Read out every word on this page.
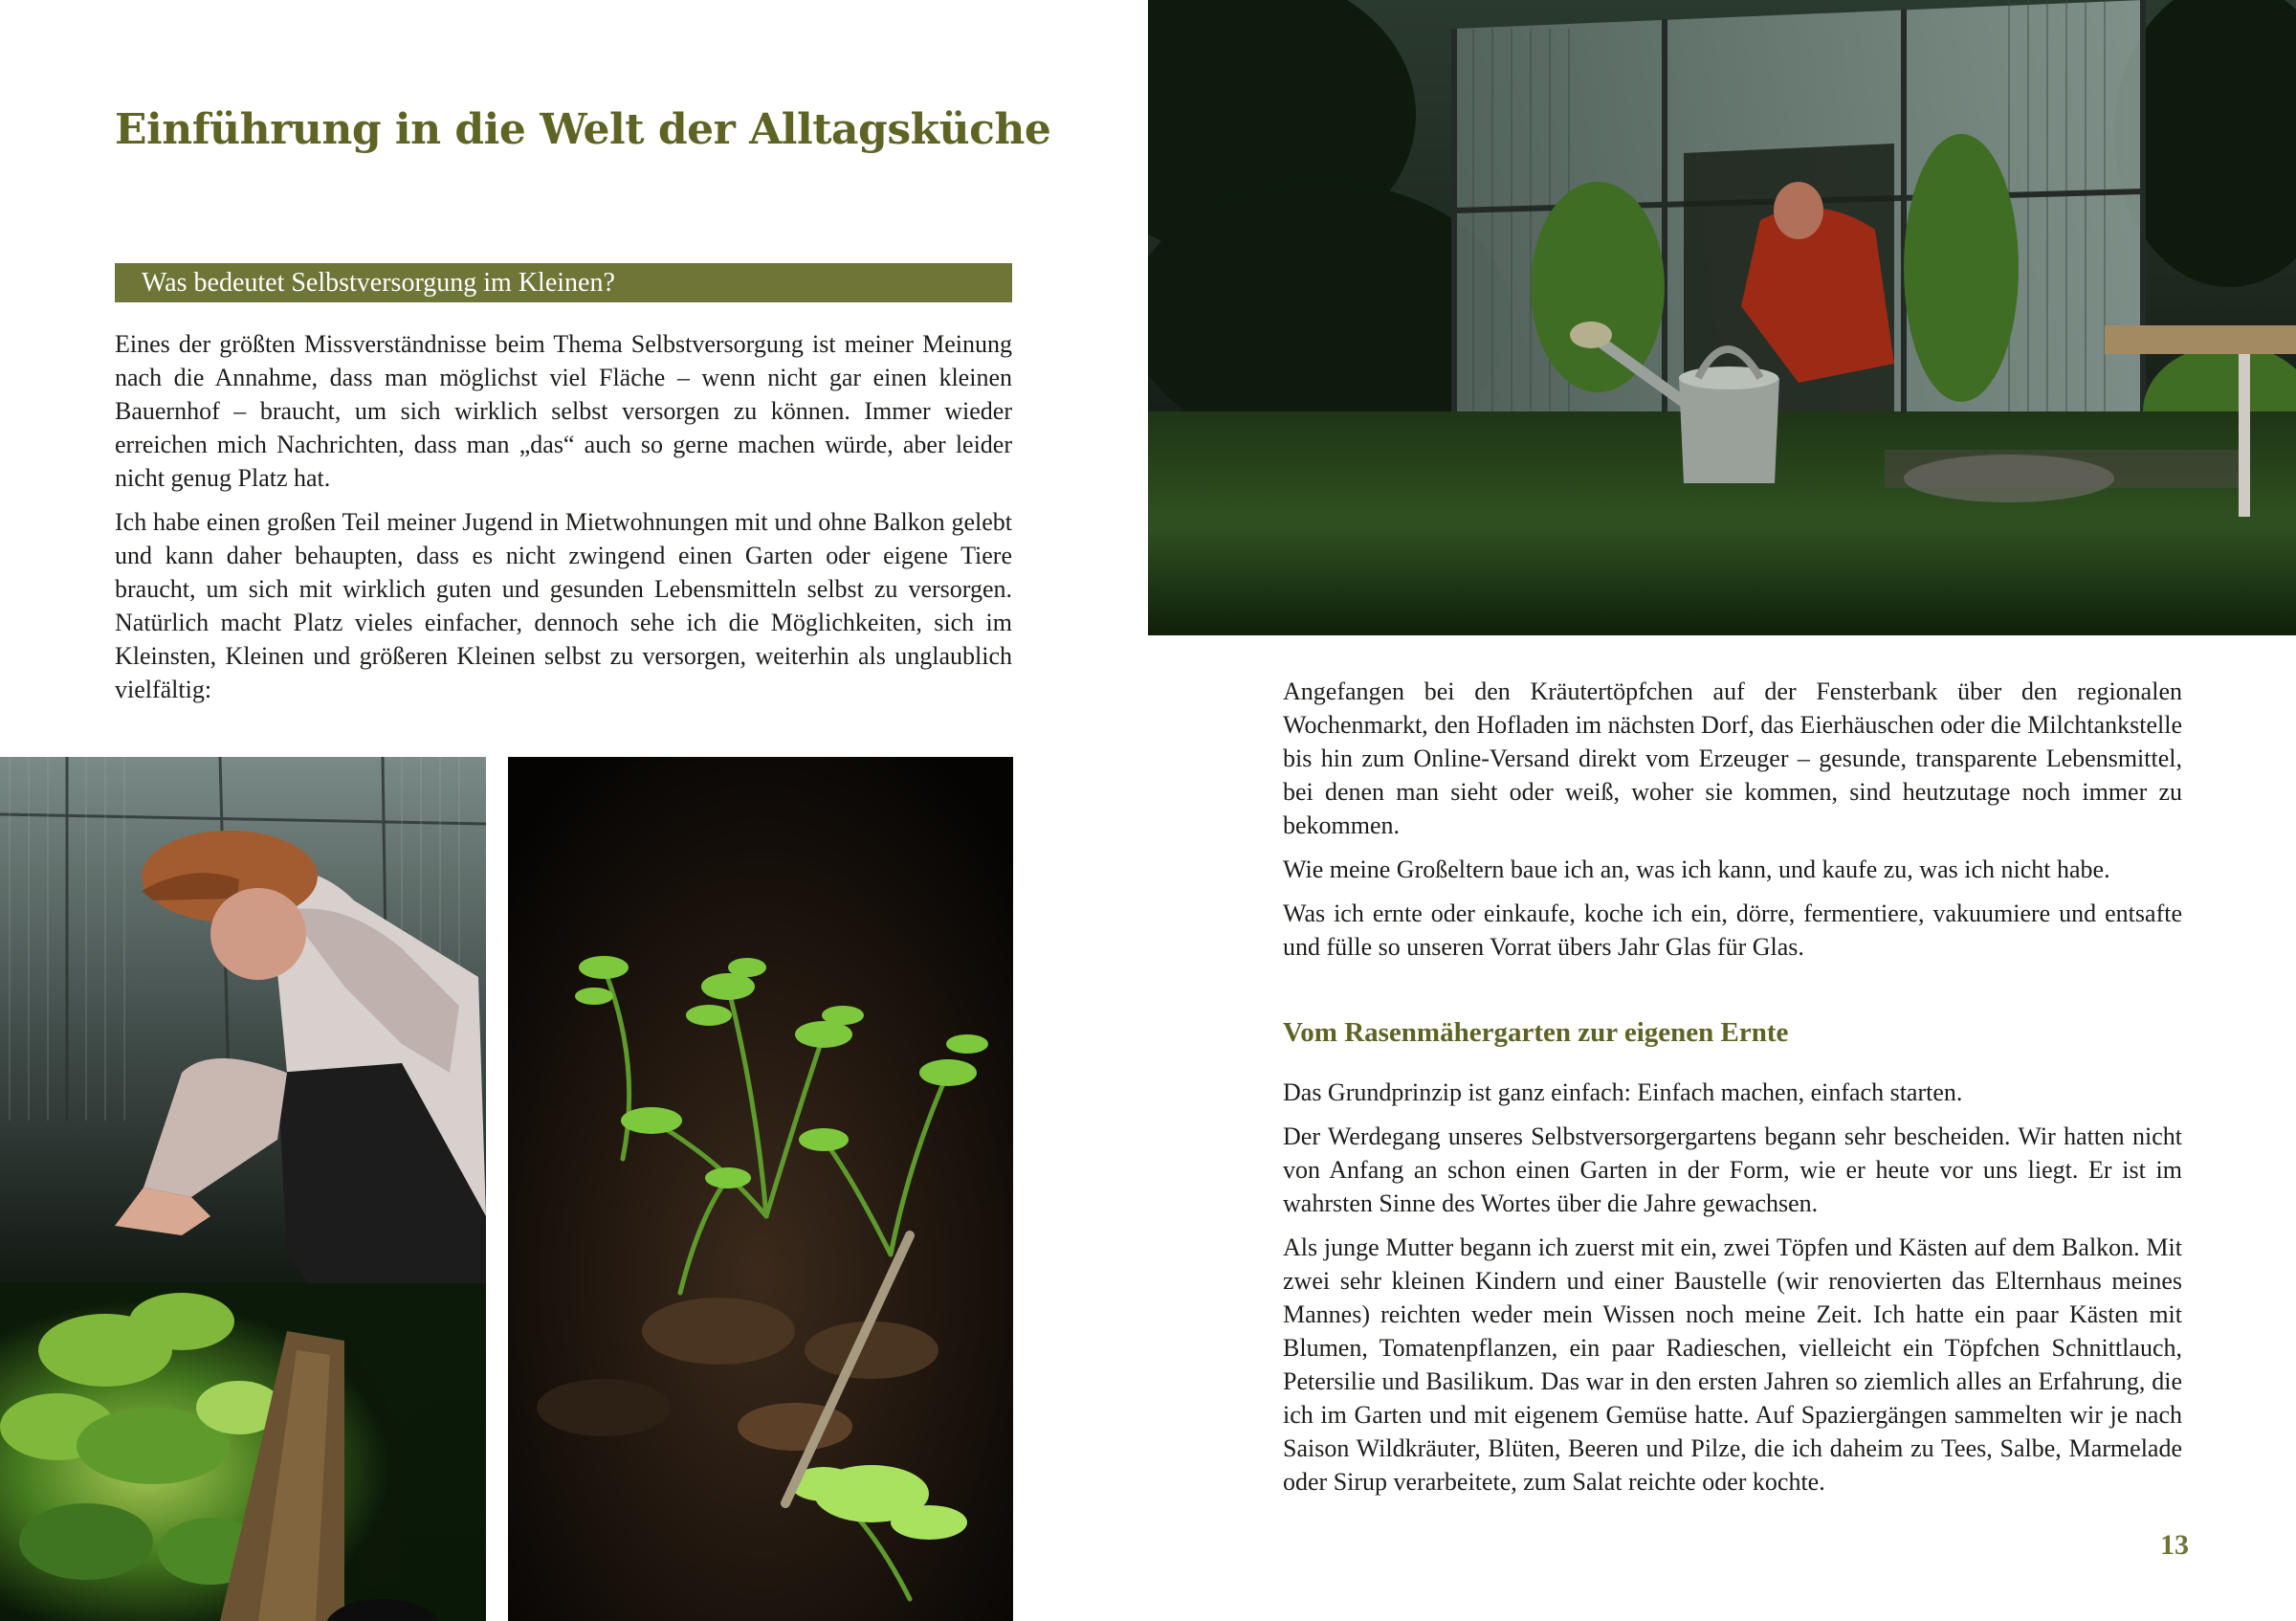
Einführung in die Welt der Alltagsküche
Was bedeutet Selbstversorgung im Kleinen?

Eines der größten Missverständnisse beim Thema Selbstversorgung ist meiner Meinung nach die Annahme, dass man möglichst viel Fläche – wenn nicht gar einen kleinen Bauernhof – braucht, um sich wirklich selbst versorgen zu können. Immer wieder erreichen mich Nachrichten, dass man „das“ auch so gerne machen würde, aber leider nicht genug Platz hat.

Ich habe einen großen Teil meiner Jugend in Mietwohnungen mit und ohne Balkon gelebt und kann daher behaupten, dass es nicht zwingend einen Garten oder eigene Tiere braucht, um sich mit wirklich guten und gesunden Lebensmitteln selbst zu versorgen. Natürlich macht Platz vieles einfacher, dennoch sehe ich die Möglichkeiten, sich im Kleinsten, Kleinen und größeren Kleinen selbst zu versorgen, weiterhin als unglaublich vielfältig:	Angefangen bei den Kräutertöpfchen auf der Fensterbank über den regionalen Wochenmarkt, den Hofladen im nächsten Dorf, das Eierhäuschen oder die Milchtankstelle bis hin zum Online-Versand direkt vom Erzeuger – gesunde, transparente Lebensmittel, bei denen man sieht oder weiß, woher sie kommen, sind heutzutage noch immer zu bekommen.

Wie meine Großeltern baue ich an, was ich kann, und kaufe zu, was ich nicht habe.

Was ich ernte oder einkaufe, koche ich ein, dörre, fermentiere, vakuumiere und entsafte und fülle so unseren Vorrat übers Jahr Glas für Glas.

Vom Rasenmähergarten zur eigenen Ernte

Das Grundprinzip ist ganz einfach: Einfach machen, einfach starten.

Der Werdegang unseres Selbstversorgergartens begann sehr bescheiden. Wir hatten nicht von Anfang an schon einen Garten in der Form, wie er heute vor uns liegt. Er ist im wahrsten Sinne des Wortes über die Jahre gewachsen.

Als junge Mutter begann ich zuerst mit ein, zwei Töpfen und Kästen auf dem Balkon. Mit zwei sehr kleinen Kindern und einer Baustelle (wir renovierten das Elternhaus meines Mannes) reichten weder mein Wissen noch meine Zeit. Ich hatte ein paar Kästen mit Blumen, Tomatenpflanzen, ein paar Radieschen, vielleicht ein Töpfchen Schnittlauch, Petersilie und Basilikum. Das war in den ersten Jahren so ziemlich alles an Erfahrung, die ich im Garten und mit eigenem Gemüse hatte. Auf Spaziergängen sammelten wir je nach Saison Wildkräuter, Blüten, Beeren und Pilze, die ich daheim zu Tees, Salbe, Marmelade oder Sirup verarbeitete, zum Salat reichte oder kochte.

13
